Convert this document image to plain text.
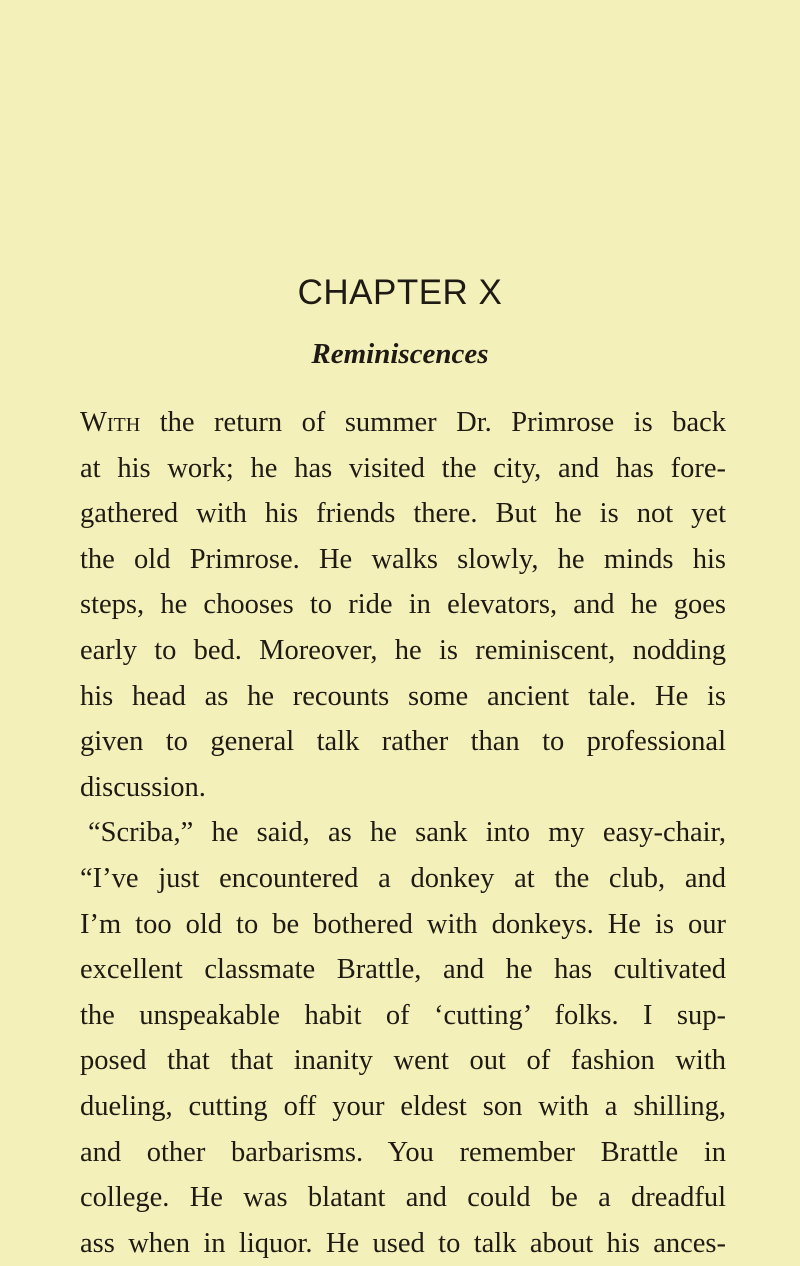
CHAPTER X
Reminiscences
With the return of summer Dr. Primrose is back
at his work; he has visited the city, and has fore-
gathered with his friends there. But he is not yet
the old Primrose. He walks slowly, he minds his
steps, he chooses to ride in elevators, and he goes
early to bed. Moreover, he is reminiscent, nodding
his head as he recounts some ancient tale. He is
given to general talk rather than to professional
discussion.
“Scriba,” he said, as he sank into my easy-chair,
“I’ve just encountered a donkey at the club, and
I’m too old to be bothered with donkeys. He is our
excellent classmate Brattle, and he has cultivated
the unspeakable habit of ‘cutting’ folks. I sup-
posed that that inanity went out of fashion with
dueling, cutting off your eldest son with a shilling,
and other barbarisms. You remember Brattle in
college. He was blatant and could be a dreadful
ass when in liquor. He used to talk about his ances-
